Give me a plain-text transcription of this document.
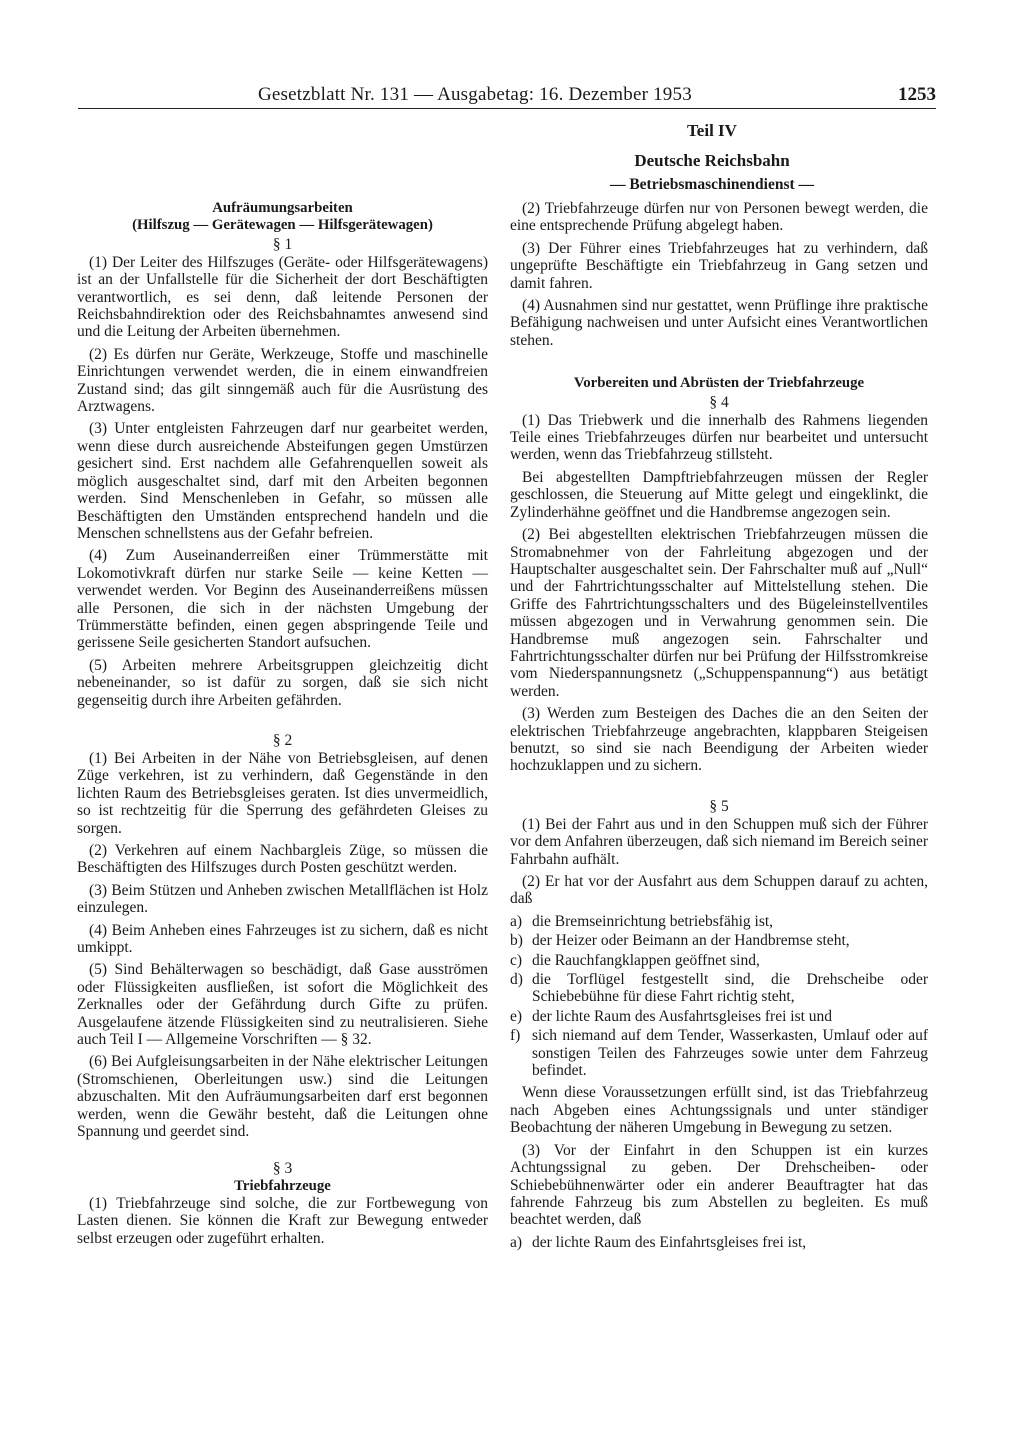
Gesetzblatt Nr. 131 — Ausgabetag: 16. Dezember 1953	1253
Teil IV
Deutsche Reichsbahn
— Betriebsmaschinendienst —
Aufräumungsarbeiten
(Hilfszug — Gerätewagen — Hilfsgerätewagen)
§ 1

(1) Der Leiter des Hilfszuges (Geräte- oder Hilfsgerätewagens) ist an der Unfallstelle für die Sicherheit der dort Beschäftigten verantwortlich, es sei denn, daß leitende Personen der Reichsbahndirektion oder des Reichsbahnamtes anwesend sind und die Leitung der Arbeiten übernehmen.

(2) Es dürfen nur Geräte, Werkzeuge, Stoffe und maschinelle Einrichtungen verwendet werden, die in einem einwandfreien Zustand sind; das gilt sinngemäß auch für die Ausrüstung des Arztwagens.

(3) Unter entgleisten Fahrzeugen darf nur gearbeitet werden, wenn diese durch ausreichende Absteifungen gegen Umstürzen gesichert sind. Erst nachdem alle Gefahrenquellen soweit als möglich ausgeschaltet sind, darf mit den Arbeiten begonnen werden. Sind Menschenleben in Gefahr, so müssen alle Beschäftigten den Umständen entsprechend handeln und die Menschen schnellstens aus der Gefahr befreien.

(4) Zum Auseinanderreißen einer Trümmerstätte mit Lokomotivkraft dürfen nur starke Seile — keine Ketten — verwendet werden. Vor Beginn des Auseinanderreißens müssen alle Personen, die sich in der nächsten Umgebung der Trümmerstätte befinden, einen gegen abspringende Teile und gerissene Seile gesicherten Standort aufsuchen.

(5) Arbeiten mehrere Arbeitsgruppen gleichzeitig dicht nebeneinander, so ist dafür zu sorgen, daß sie sich nicht gegenseitig durch ihre Arbeiten gefährden.

§ 2

(1) Bei Arbeiten in der Nähe von Betriebsgleisen, auf denen Züge verkehren, ist zu verhindern, daß Gegenstände in den lichten Raum des Betriebsgleises geraten. Ist dies unvermeidlich, so ist rechtzeitig für die Sperrung des gefährdeten Gleises zu sorgen.

(2) Verkehren auf einem Nachbargleis Züge, so müssen die Beschäftigten des Hilfszuges durch Posten geschützt werden.

(3) Beim Stützen und Anheben zwischen Metallflächen ist Holz einzulegen.

(4) Beim Anheben eines Fahrzeuges ist zu sichern, daß es nicht umkippt.

(5) Sind Behälterwagen so beschädigt, daß Gase ausströmen oder Flüssigkeiten ausfließen, ist sofort die Möglichkeit des Zerknalles oder der Gefährdung durch Gifte zu prüfen. Ausgelaufene ätzende Flüssigkeiten sind zu neutralisieren. Siehe auch Teil I — Allgemeine Vorschriften — § 32.

(6) Bei Aufgleisungsarbeiten in der Nähe elektrischer Leitungen (Stromschienen, Oberleitungen usw.) sind die Leitungen abzuschalten. Mit den Aufräumungsarbeiten darf erst begonnen werden, wenn die Gewähr besteht, daß die Leitungen ohne Spannung und geerdet sind.

§ 3
Triebfahrzeuge

(1) Triebfahrzeuge sind solche, die zur Fortbewegung von Lasten dienen. Sie können die Kraft zur Bewegung entweder selbst erzeugen oder zugeführt erhalten.

(2) Triebfahrzeuge dürfen nur von Personen bewegt werden, die eine entsprechende Prüfung abgelegt haben.

(3) Der Führer eines Triebfahrzeuges hat zu verhindern, daß ungeprüfte Beschäftigte ein Triebfahrzeug in Gang setzen und damit fahren.

(4) Ausnahmen sind nur gestattet, wenn Prüflinge ihre praktische Befähigung nachweisen und unter Aufsicht eines Verantwortlichen stehen.

Vorbereiten und Abrüsten der Triebfahrzeuge
§ 4

(1) Das Triebwerk und die innerhalb des Rahmens liegenden Teile eines Triebfahrzeuges dürfen nur bearbeitet und untersucht werden, wenn das Triebfahrzeug stillsteht.

Bei abgestellten Dampftriebfahrzeugen müssen der Regler geschlossen, die Steuerung auf Mitte gelegt und eingeklinkt, die Zylinderhähne geöffnet und die Handbremse angezogen sein.

(2) Bei abgestellten elektrischen Triebfahrzeugen müssen die Stromabnehmer von der Fahrleitung abgezogen und der Hauptschalter ausgeschaltet sein. Der Fahrschalter muß auf „Null“ und der Fahrtrichtungsschalter auf Mittelstellung stehen. Die Griffe des Fahrtrichtungsschalters und des Bügeleinstellventiles müssen abgezogen und in Verwahrung genommen sein. Die Handbremse muß angezogen sein. Fahrschalter und Fahrtrichtungsschalter dürfen nur bei Prüfung der Hilfsstromkreise vom Niederspannungsnetz („Schuppenspannung“) aus betätigt werden.

(3) Werden zum Besteigen des Daches die an den Seiten der elektrischen Triebfahrzeuge angebrachten, klappbaren Steigeisen benutzt, so sind sie nach Beendigung der Arbeiten wieder hochzuklappen und zu sichern.

§ 5

(1) Bei der Fahrt aus und in den Schuppen muß sich der Führer vor dem Anfahren überzeugen, daß sich niemand im Bereich seiner Fahrbahn aufhält.

(2) Er hat vor der Ausfahrt aus dem Schuppen darauf zu achten, daß

a) die Bremseinrichtung betriebsfähig ist,
b) der Heizer oder Beimann an der Handbremse steht,
c) die Rauchfangklappen geöffnet sind,
d) die Torflügel festgestellt sind, die Drehscheibe oder Schiebebühne für diese Fahrt richtig steht,
e) der lichte Raum des Ausfahrtsgleises frei ist und
f) sich niemand auf dem Tender, Wasserkasten, Umlauf oder auf sonstigen Teilen des Fahrzeuges sowie unter dem Fahrzeug befindet.

Wenn diese Voraussetzungen erfüllt sind, ist das Triebfahrzeug nach Abgeben eines Achtungssignals und unter ständiger Beobachtung der näheren Umgebung in Bewegung zu setzen.

(3) Vor der Einfahrt in den Schuppen ist ein kurzes Achtungssignal zu geben. Der Drehscheiben- oder Schiebebühnenwärter oder ein anderer Beauftragter hat das fahrende Fahrzeug bis zum Abstellen zu begleiten. Es muß beachtet werden, daß

a) der lichte Raum des Einfahrtsgleises frei ist,
